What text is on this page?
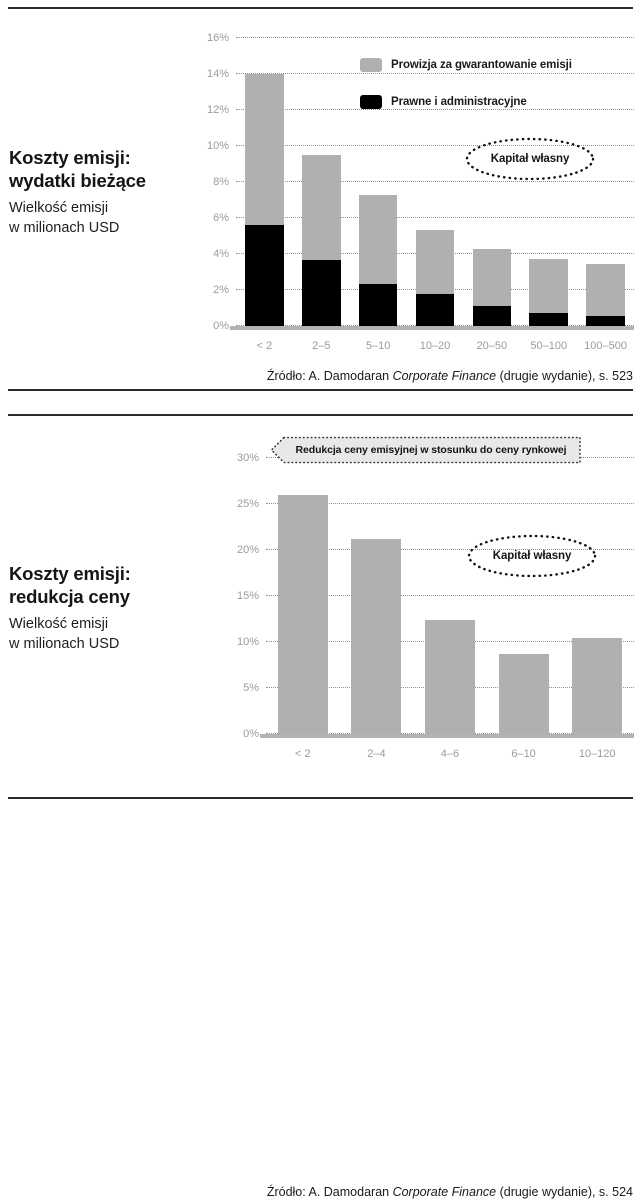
Koszty emisji:
wydatki bieżące
Wielkość emisji
w milionach USD
0%
2%
4%
6%
8%
10%
12%
14%
16%
< 2	2–5	5–10	10–20	20–50	50–100	100–500
Prowizja za gwarantowanie emisji
Prawne i administracyjne
Kapitał własny
Źródło: A. Damodaran Corporate Finance (drugie wydanie), s. 523
Koszty emisji:
redukcja ceny
Wielkość emisji
w milionach USD
0%
5%
10%
15%
20%
25%
30%
< 2	2–4	4–6	6–10	10–120
Redukcja ceny emisyjnej w stosunku do ceny rynkowej
Kapitał własny
Źródło: A. Damodaran Corporate Finance (drugie wydanie), s. 524
